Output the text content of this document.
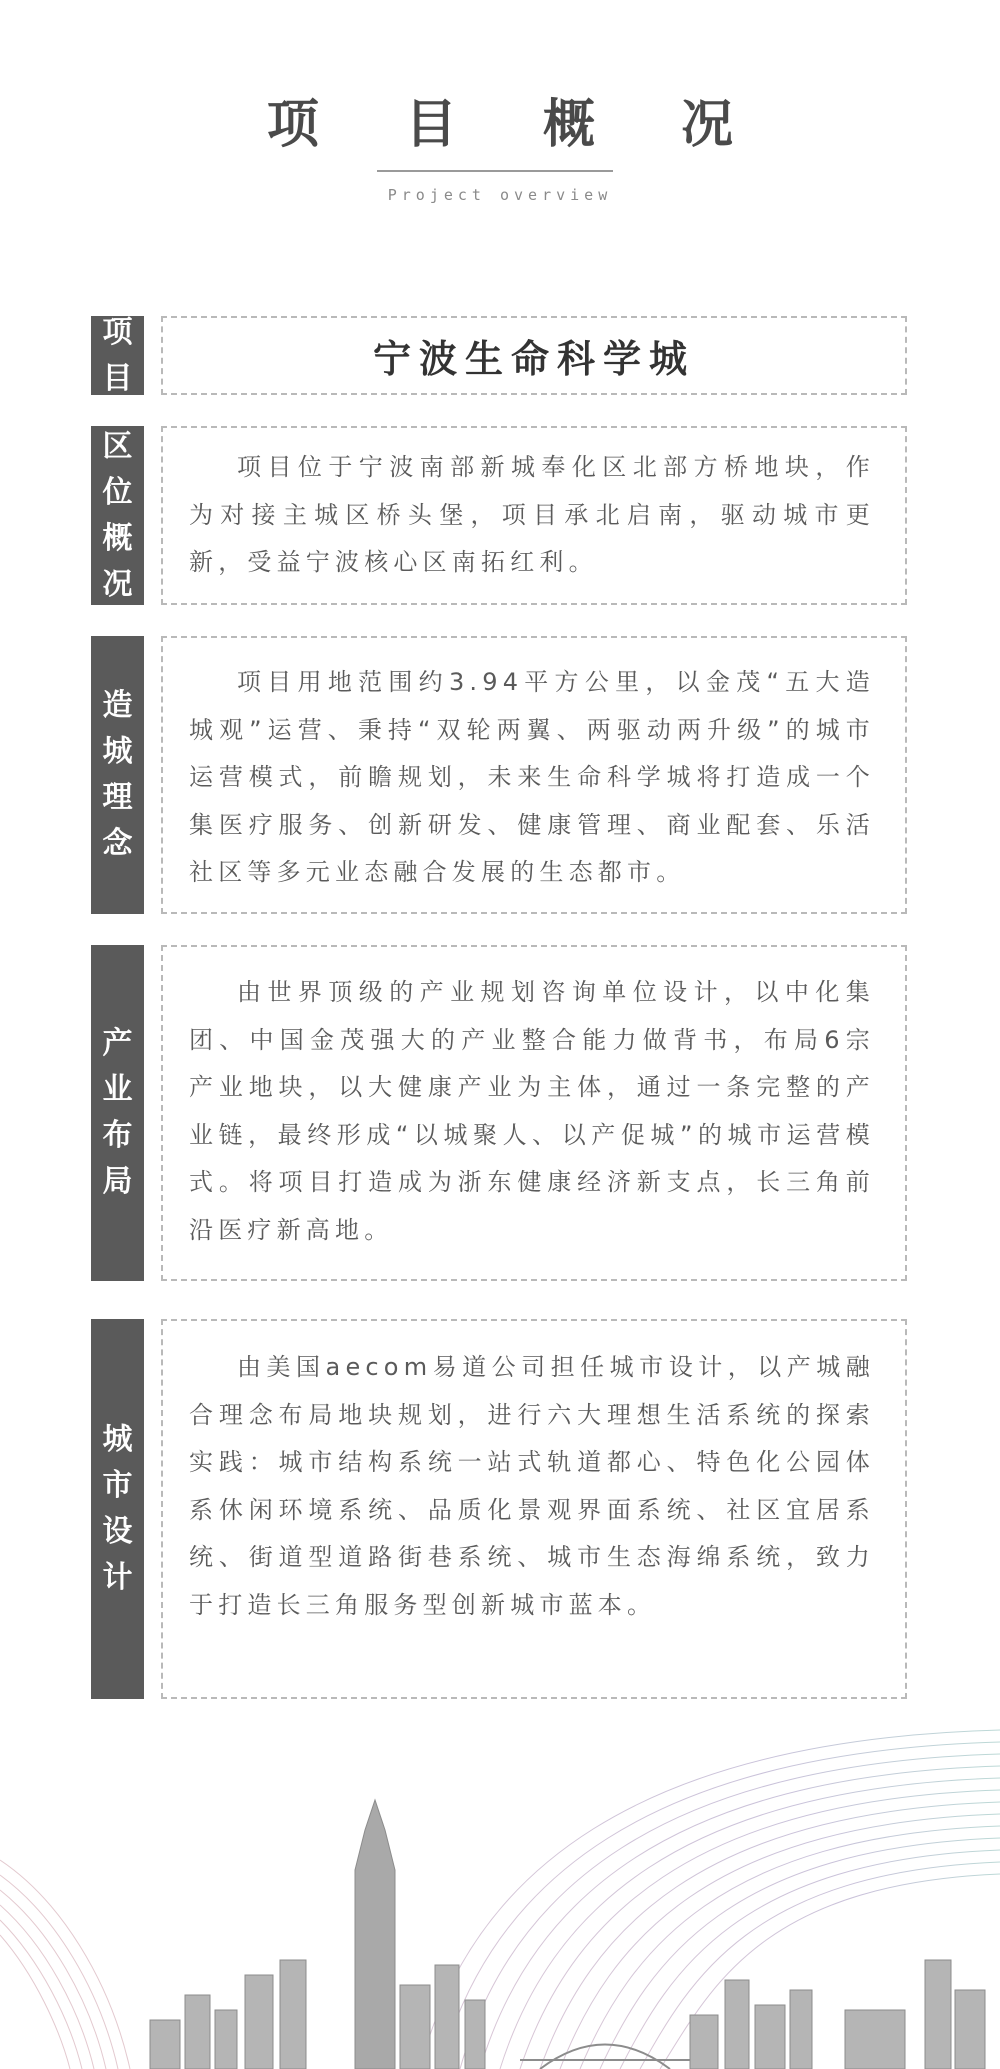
项 目 概 况
Project overview
项
目	宁波生命科学城
区
位
概
况

项目位于宁波南部新城奉化区北部方桥地块，作为对接主城区桥头堡，项目承北启南，驱动城市更新，受益宁波核心区南拓红利。

造
城
理
念

项目用地范围约3.94平方公里，以金茂“五大造城观”运营、秉持“双轮两翼、两驱动两升级”的城市运营模式，前瞻规划，未来生命科学城将打造成一个集医疗服务、创新研发、健康管理、商业配套、乐活社区等多元业态融合发展的生态都市。

产
业
布
局

由世界顶级的产业规划咨询单位设计，以中化集团、中国金茂强大的产业整合能力做背书，布局6宗产业地块，以大健康产业为主体，通过一条完整的产业链，最终形成“以城聚人、以产促城”的城市运营模式。将项目打造成为浙东健康经济新支点，长三角前沿医疗新高地。

城
市
设
计

由美国aecom易道公司担任城市设计，以产城融合理念布局地块规划，进行六大理想生活系统的探索实践：城市结构系统一站式轨道都心、特色化公园体系休闲环境系统、品质化景观界面系统、社区宜居系统、街道型道路街巷系统、城市生态海绵系统，致力于打造长三角服务型创新城市蓝本。
